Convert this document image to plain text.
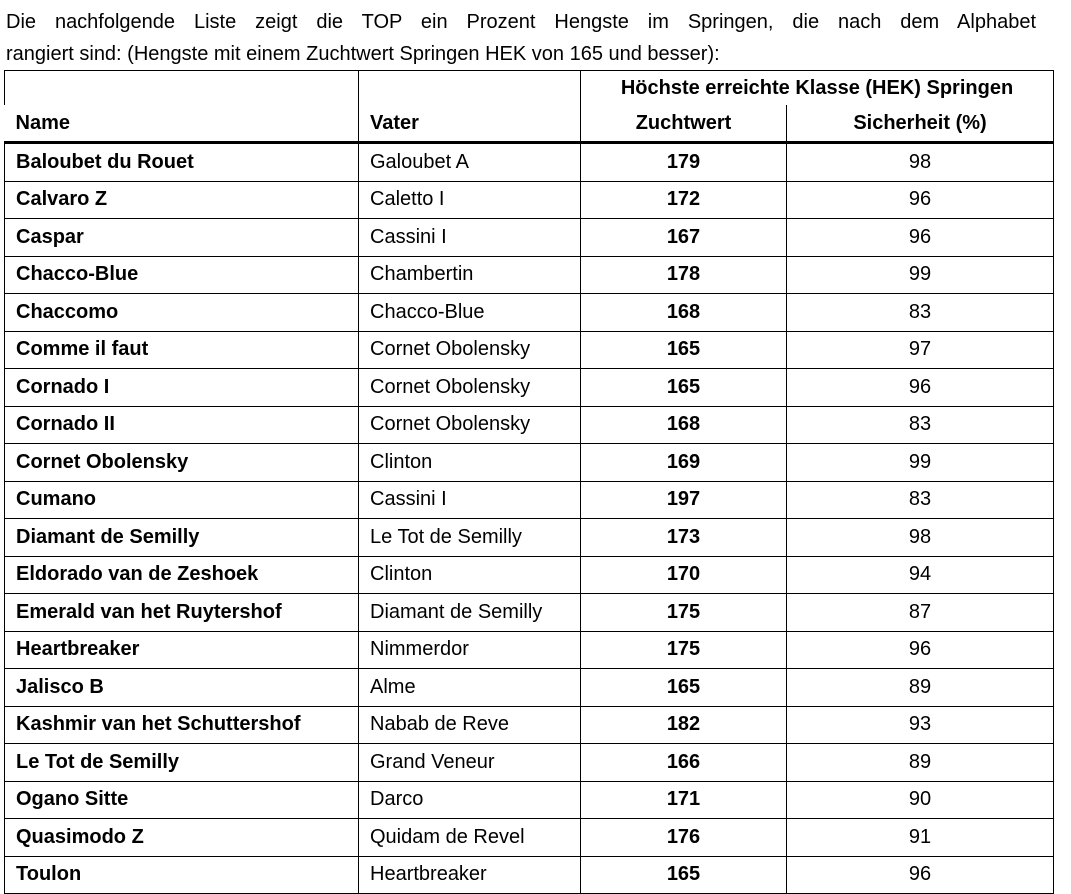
Die nachfolgende Liste zeigt die TOP ein Prozent Hengste im Springen, die nach dem Alphabet
rangiert sind: (Hengste mit einem Zuchtwert Springen HEK von 165 und besser):
		Höchste erreichte Klasse (HEK) Springen	
Name	Vater	Zuchtwert	Sicherheit (%)
Baloubet du Rouet	Galoubet A	179	98
Calvaro Z	Caletto I	172	96
Caspar	Cassini I	167	96
Chacco-Blue	Chambertin	178	99
Chaccomo	Chacco-Blue	168	83
Comme il faut	Cornet Obolensky	165	97
Cornado I	Cornet Obolensky	165	96
Cornado II	Cornet Obolensky	168	83
Cornet Obolensky	Clinton	169	99
Cumano	Cassini I	197	83
Diamant de Semilly	Le Tot de Semilly	173	98
Eldorado van de Zeshoek	Clinton	170	94
Emerald van het Ruytershof	Diamant de Semilly	175	87
Heartbreaker	Nimmerdor	175	96
Jalisco B	Alme	165	89
Kashmir van het Schuttershof	Nabab de Reve	182	93
Le Tot de Semilly	Grand Veneur	166	89
Ogano Sitte	Darco	171	90
Quasimodo Z	Quidam de Revel	176	91
Toulon	Heartbreaker	165	96
